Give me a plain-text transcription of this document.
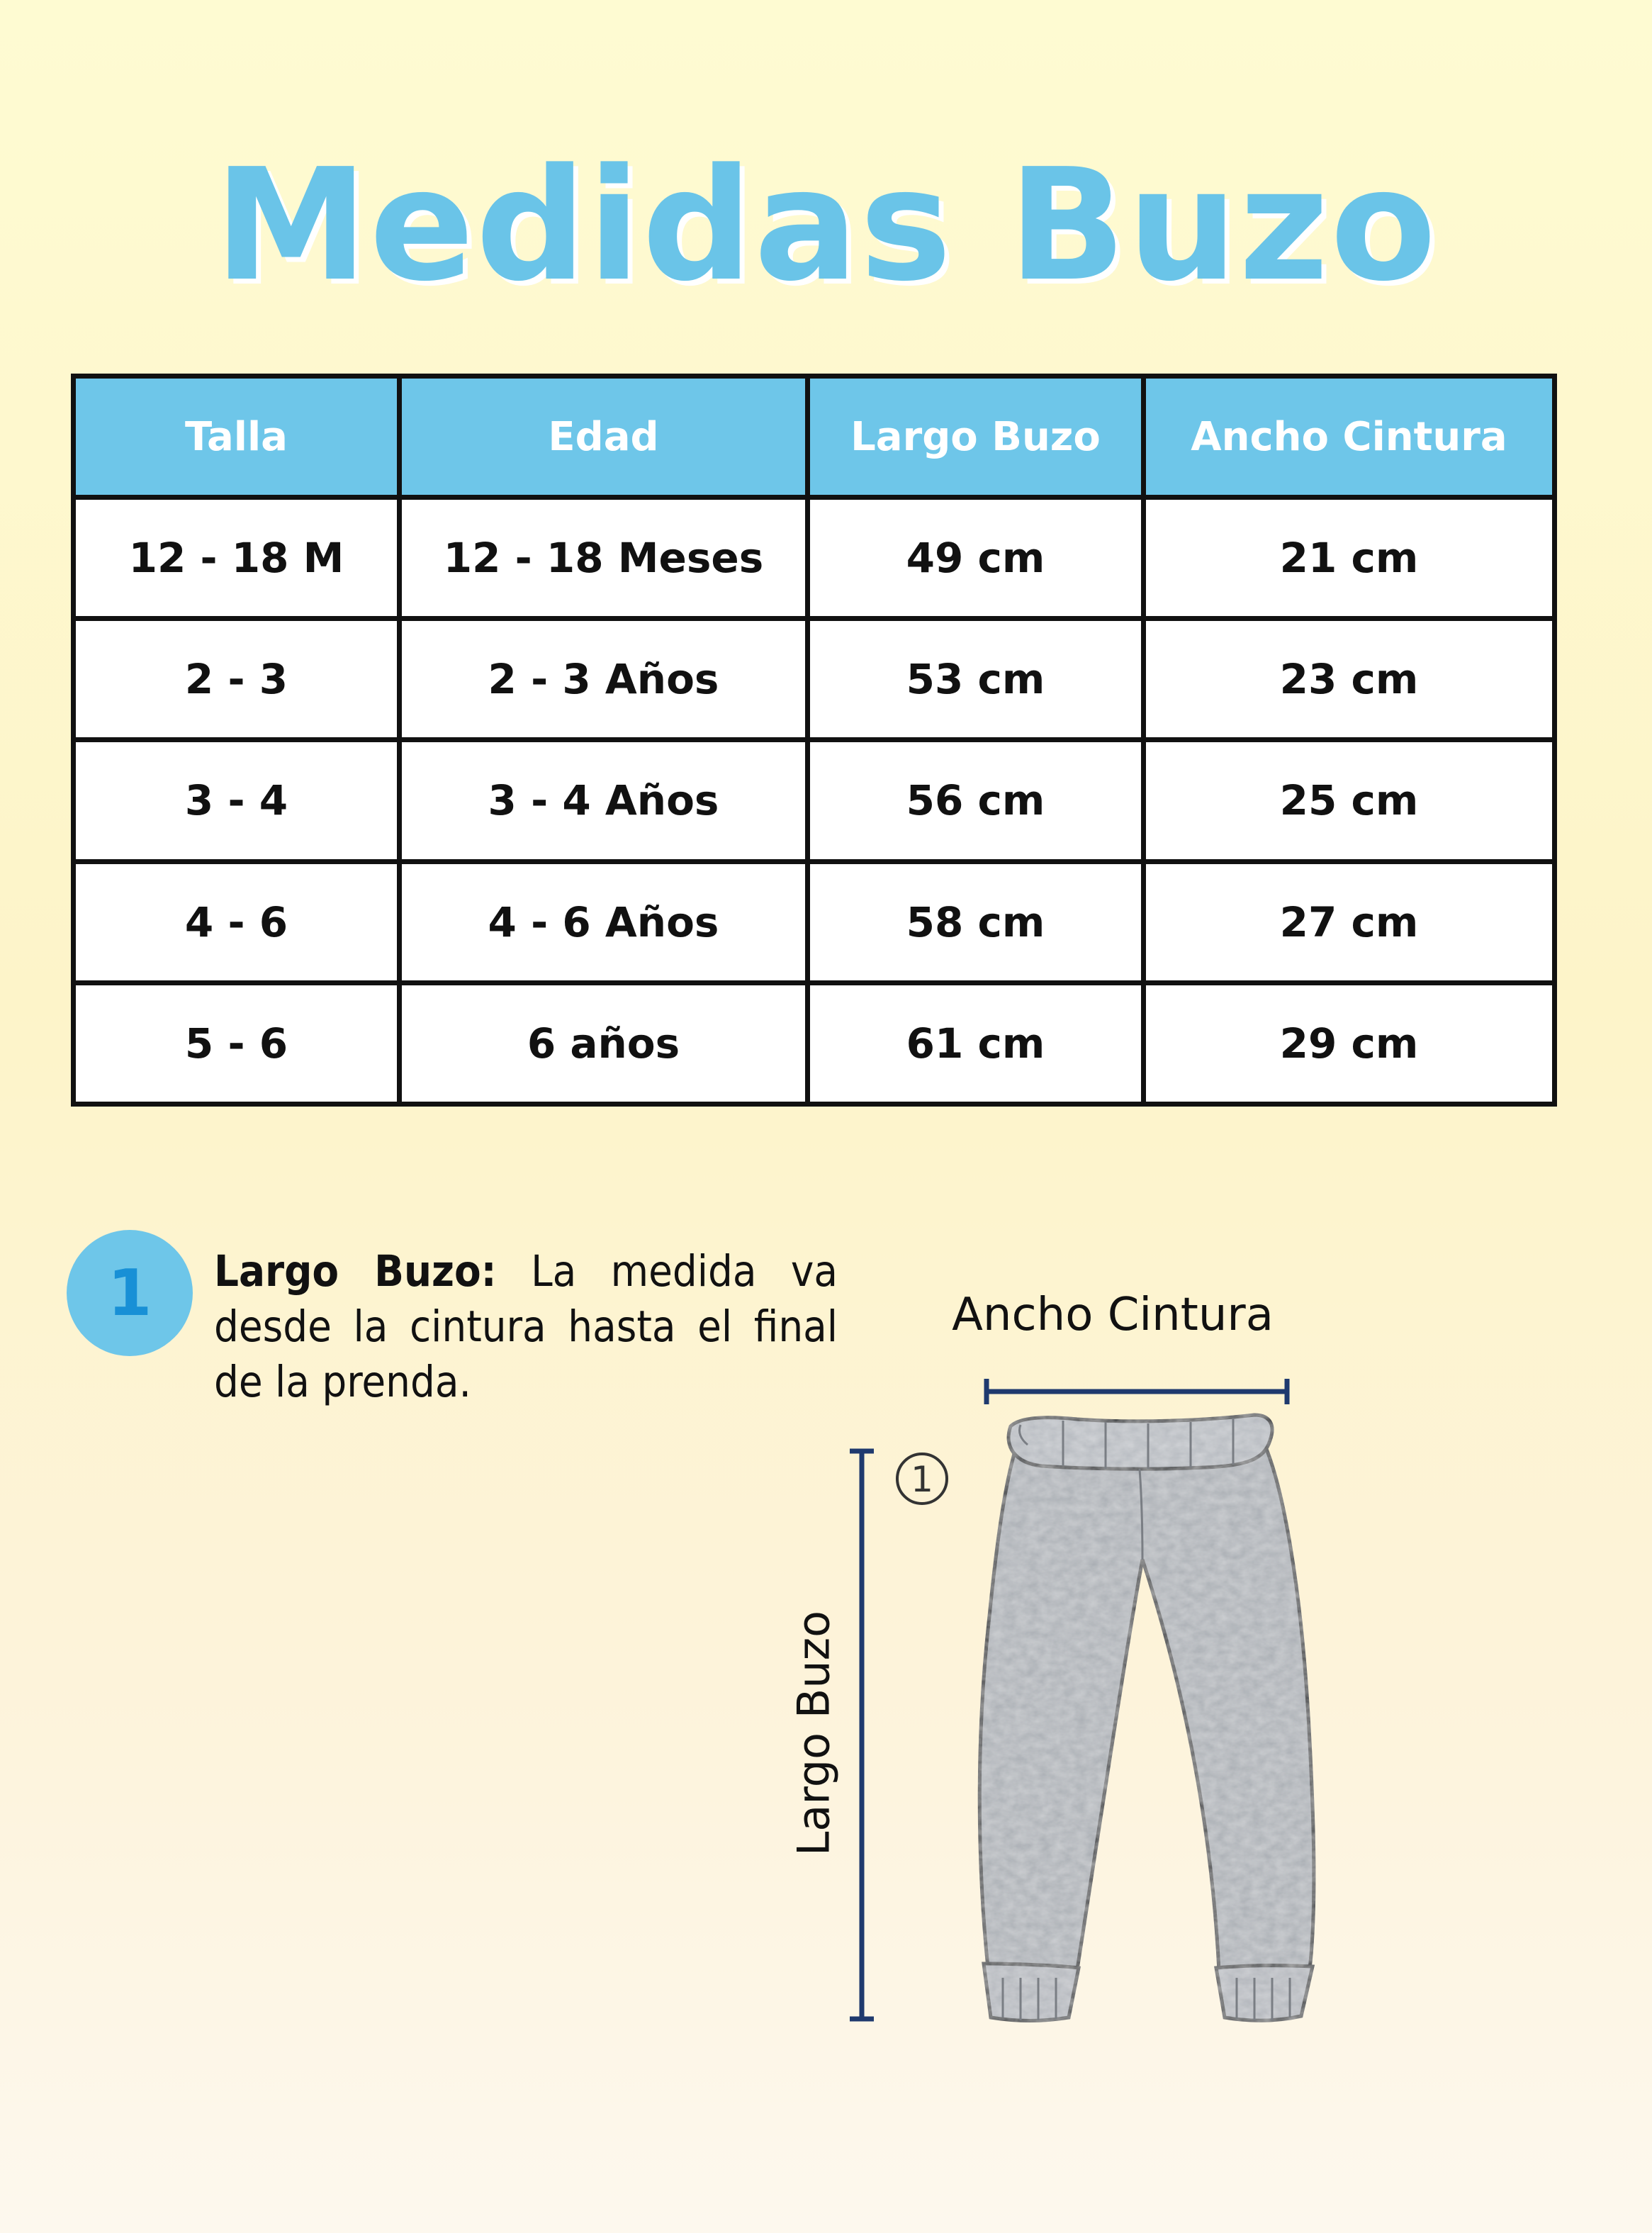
Medidas Buzo
Talla	Edad	Largo Buzo	Ancho Cintura
12 - 18 M	12 - 18 Meses	49 cm	21 cm
2 - 3	2 - 3 Años	53 cm	23 cm
3 - 4	3 - 4 Años	56 cm	25 cm
4 - 6	4 - 6 Años	58 cm	27 cm
5 - 6	6 años	61 cm	29 cm
1	Largo Buzo: La medida va desde la cintura hasta el final de la prenda.
Ancho Cintura
Largo Buzo
1
